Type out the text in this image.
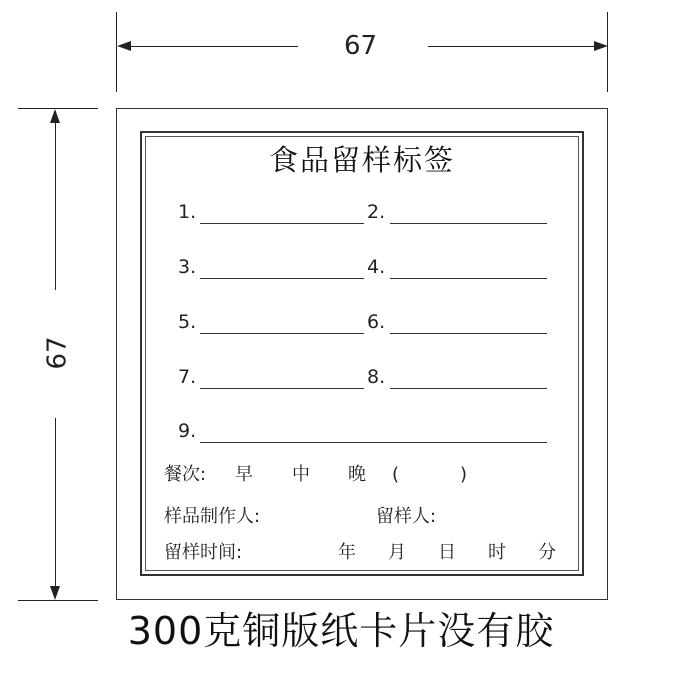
67
67
食品留样标签
1.	2.
3.	4.
5.	6.
7.	8.
9.
餐次: 早 中 晚 (	)
样品制作人:	留样人:
留样时间:	年 月 日 时 分
300克铜版纸卡片没有胶
